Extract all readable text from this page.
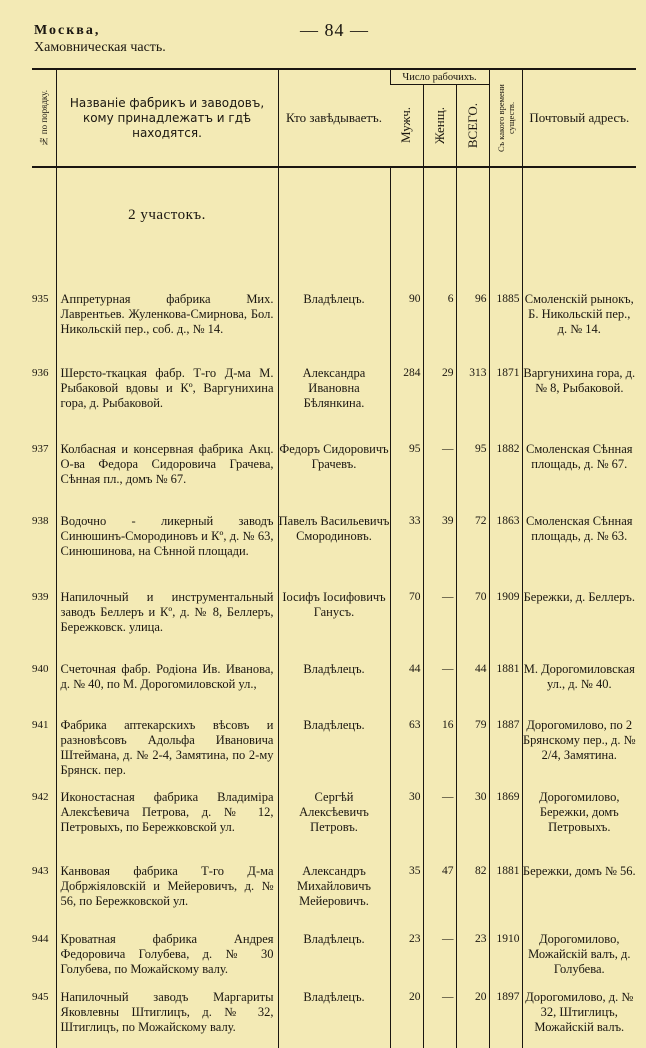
Москва,
Хамовническая часть.
— 84 —
№ по порядку.	Названіе фабрикъ и заводовъ, кому принадлежатъ и гдѣ находятся.	Кто завѣдываетъ.	Число рабочихъ.			Съ какого времени существ.	Почтовый адресъ.

			Мужч.	Женщ.	ВСЕГО.		

	2 участокъ.						
935	Аппретурная фабрика Мих. Лаврентьев. Жуленкова-Смирнова, Бол. Никольскій пер., соб. д., № 14.	Владѣлецъ.	90	6	96	1885	Смоленскій рынокъ, Б. Никольскій пер., д. № 14.
936	Шерсто-ткацкая фабр. Т-го Д-ма М. Рыбаковой вдовы и Кº, Варгунихина гора, д. Рыбаковой.	Александра Ивановна Бѣлянкина.	284	29	313	1871	Варгунихина гора, д. № 8, Рыбаковой.
937	Колбасная и консервная фабрика Акц. О-ва Федора Сидоровича Грачева, Сѣнная пл., домъ № 67.	Федоръ Сидоровичъ Грачевъ.	95	—	95	1882	Смоленская Сѣнная площадь, д. № 67.
938	Водочно - ликерный заводъ Синюшинъ-Смородиновъ и Кº, д. № 63, Синюшинова, на Сѣнной площади.	Павелъ Васильевичъ Смородиновъ.	33	39	72	1863	Смоленская Сѣнная площадь, д. № 63.
939	Напилочный и инструментальный заводъ Беллеръ и Кº, д. № 8, Беллеръ, Бережковск. улица.	Іосифъ Іосифовичъ Ганусъ.	70	—	70	1909	Бережки, д. Беллеръ.
940	Счеточная фабр. Родіона Ив. Иванова, д. № 40, по М. Дорогомиловской ул.,	Владѣлецъ.	44	—	44	1881	М. Дорогомиловская ул., д. № 40.
941	Фабрика аптекарскихъ вѣсовъ и разновѣсовъ Адольфа Ивановича Штеймана, д. № 2-4, Замятина, по 2-му Брянск. пер.	Владѣлецъ.	63	16	79	1887	Дорогомилово, по 2 Брянскому пер., д. № 2/4, Замятина.
942	Иконостасная фабрика Владиміра Алексѣевича Петрова, д. № 12, Петровыхъ, по Бережковской ул.	Сергѣй Алексѣевичъ Петровъ.	30	—	30	1869	Дорогомилово, Бережки, домъ Петровыхъ.
943	Канвовая фабрика Т-го Д-ма Добржіяловскій и Мейеровичъ, д. № 56, по Бережковской ул.	Александръ Михайловичъ Мейеровичъ.	35	47	82	1881	Бережки, домъ № 56.
944	Кроватная фабрика Андрея Федоровича Голубева, д. № 30 Голубева, по Можайскому валу.	Владѣлецъ.	23	—	23	1910	Дорогомилово, Можайскій валъ, д. Голубева.
945	Напилочный заводъ Маргариты Яковлевны Штиглицъ, д. № 32, Штиглицъ, по Можайскому валу.	Владѣлецъ.	20	—	20	1897	Дорогомилово, д. № 32, Штиглицъ, Можайскій валъ.
